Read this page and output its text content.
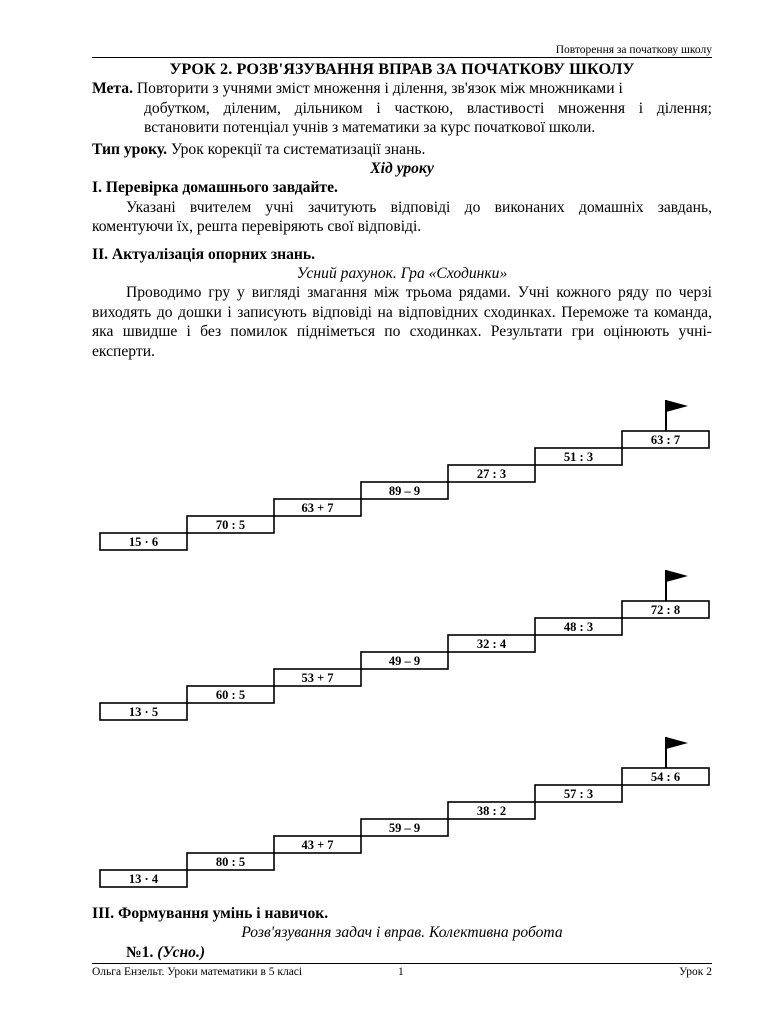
Повторення за початкову школу

УРОК 2. РОЗВ'ЯЗУВАННЯ ВПРАВ ЗА ПОЧАТКОВУ ШКОЛУ

Мета. Повторити з учнями зміст множення і ділення, зв'язок між множниками і
добутком, діленим, дільником і часткою, властивості множення і ділення; встановити потенціал учнів з математики за курс початкової школи.

Тип уроку. Урок корекції та систематизації знань.

Хід уроку

I. Перевірка домашнього завдайте.

Указані вчителем учні зачитують відповіді до виконаних домашніх завдань, коментуючи їх, решта перевіряють свої відповіді.

II. Актуалізація опорних знань.

Усний рахунок. Гра «Сходинки»

Проводимо гру у вигляді змагання між трьома рядами. Учні кожного ряду по черзі виходять до дошки і записують відповіді на відповідних сходинках. Переможе та команда, яка швидше і без помилок підніметься по сходинках. Результати гри оцінюють учні-експерти.

15 · 6
70 : 5
63 + 7
89 – 9
27 : 3
51 : 3
63 : 7
13 · 5
60 : 5
53 + 7
49 – 9
32 : 4
48 : 3
72 : 8
13 · 4
80 : 5
43 + 7
59 – 9
38 : 2
57 : 3
54 : 6

III. Формування умінь і навичок.

Розв'язування задач і вправ. Колективна робота

№1. (Усно.)

Ольга Ензельт. Уроки математики в 5 класі	1	Урок 2
